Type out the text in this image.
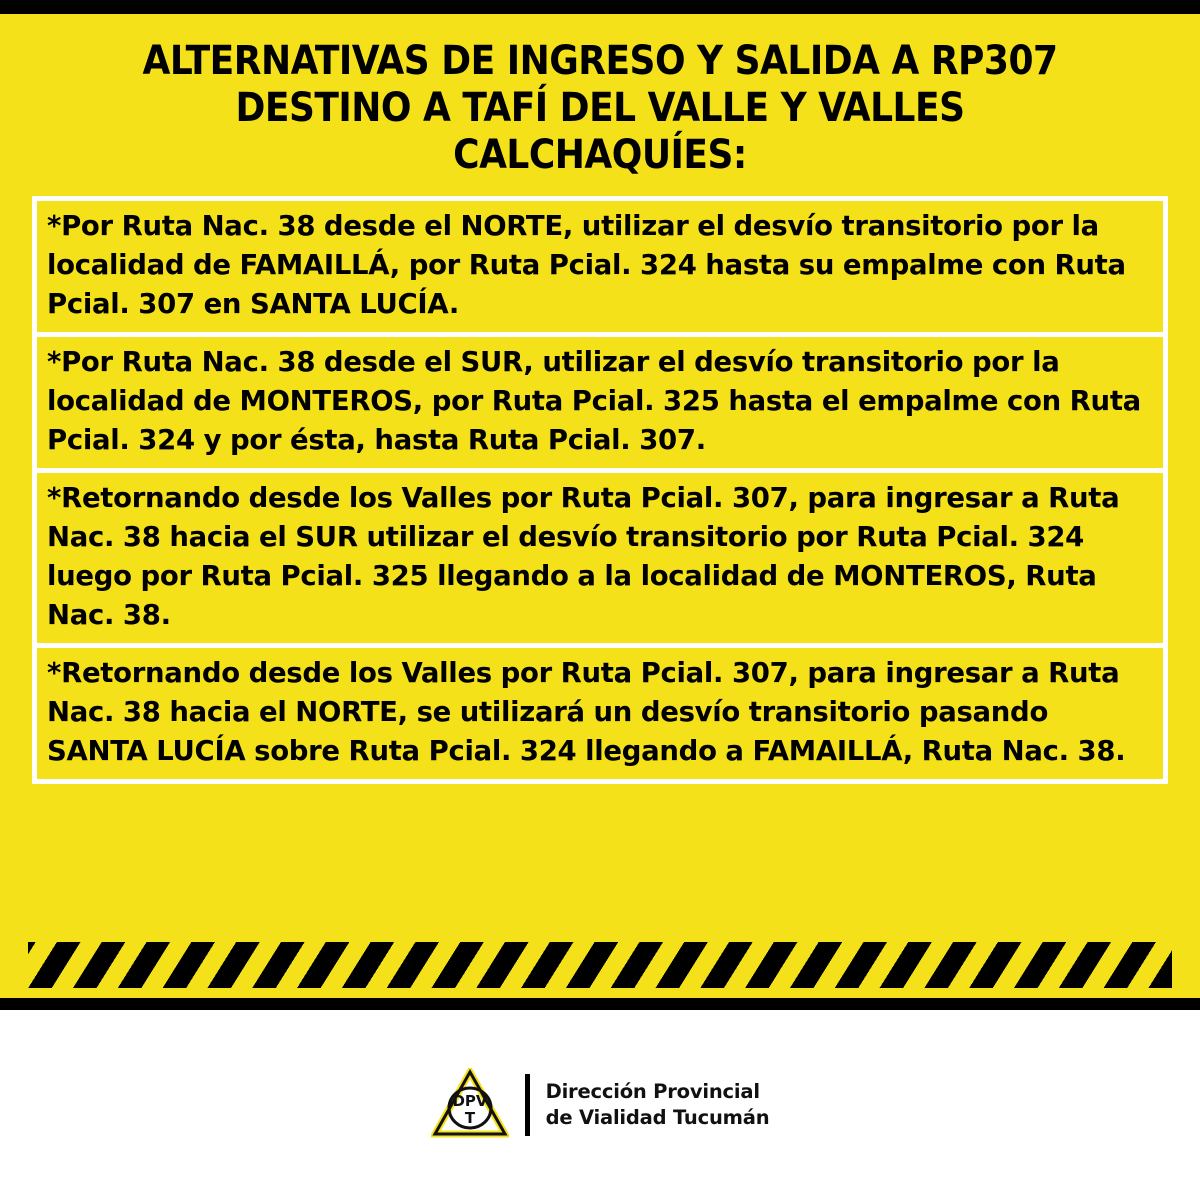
ALTERNATIVAS DE INGRESO Y SALIDA A RP307
DESTINO A TAFÍ DEL VALLE Y VALLES
CALCHAQUÍES:

*Por Ruta Nac. 38 desde el NORTE, utilizar el desvío transitorio por la localidad de FAMAILLÁ, por Ruta Pcial. 324 hasta su empalme con Ruta Pcial. 307 en SANTA LUCÍA.

*Por Ruta Nac. 38 desde el SUR, utilizar el desvío transitorio por la localidad de MONTEROS, por Ruta Pcial. 325 hasta el empalme con Ruta Pcial. 324 y por ésta, hasta Ruta Pcial. 307.

*Retornando desde los Valles por Ruta Pcial. 307, para ingresar a Ruta Nac. 38 hacia el SUR utilizar el desvío transitorio por Ruta Pcial. 324 luego por Ruta Pcial. 325 llegando a la localidad de MONTEROS, Ruta Nac. 38.

*Retornando desde los Valles por Ruta Pcial. 307, para ingresar a Ruta Nac. 38 hacia el NORTE, se utilizará un desvío transitorio pasando SANTA LUCÍA sobre Ruta Pcial. 324 llegando a FAMAILLÁ, Ruta Nac. 38.

DPV
T
Dirección Provincial
de Vialidad Tucumán
